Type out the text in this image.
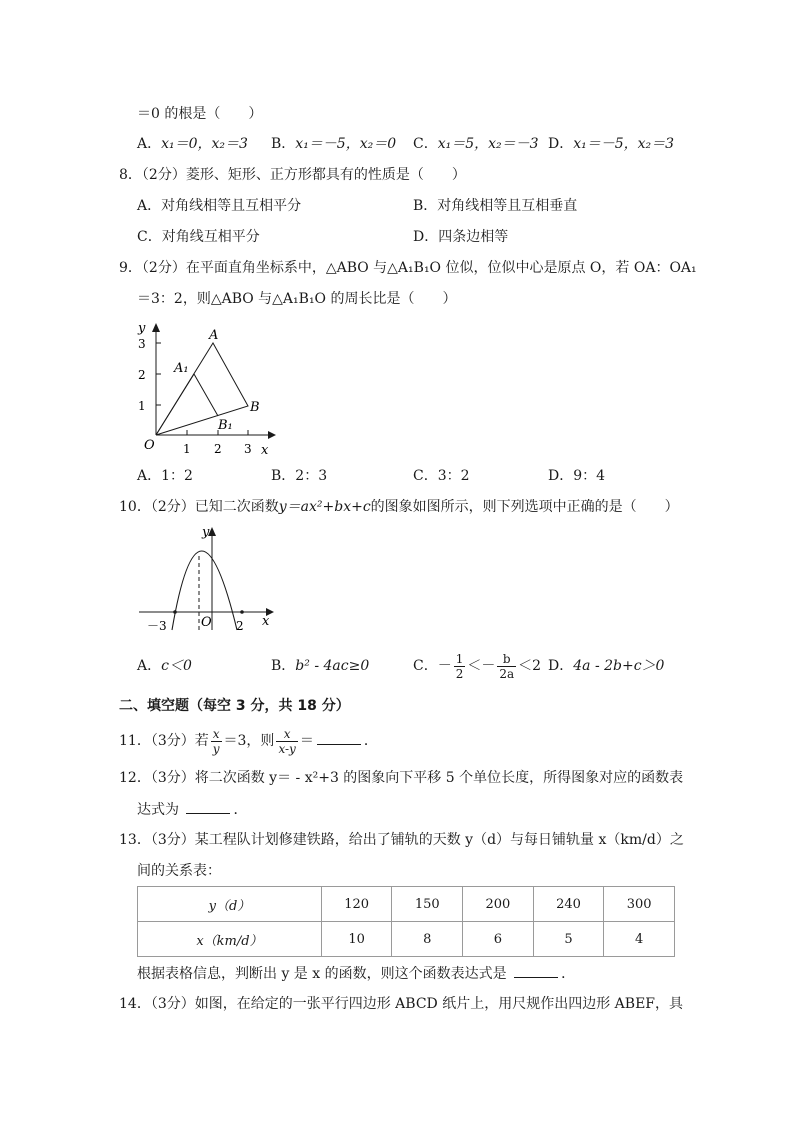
＝0 的根是（　　）
A．x₁＝0，x₂＝3 B．x₁＝－5，x₂＝0 C．x₁＝5，x₂＝－3 D．x₁＝－5，x₂＝3
8．（2分）菱形、矩形、正方形都具有的性质是（　　）
A．对角线相等且互相平分	B．对角线相等且互相垂直
C．对角线互相平分	D．四条边相等
9．（2分）在平面直角坐标系中，△ABO 与△A₁B₁O 位似，位似中心是原点 O，若 OA：OA₁
＝3：2，则△ABO 与△A₁B₁O 的周长比是（　　）
y
x
O 1 2 3
1
2
3
A
A₁
B
B₁
A．1：2	B．2：3	C．3：2	D．9：4
10．（2分）已知二次函数y＝ax²+bx+c的图象如图所示，则下列选项中正确的是（　　）
y
x
O
－3	2
A．c＜0	B．b² - 4ac≥0	C．－ $\frac{1}{2} <- \frac{b}{2a} <2$ D．4a - 2b+c＞0
二、填空题（每空 3 分，共 18 分）
11．（3分）若 $\frac{x}{y} =3$，则 $\frac{x}{x-y}$ ＝	．
12．（3分）将二次函数 y＝ - x²+3 的图象向下平移 5 个单位长度，所得图象对应的函数表
达式为	．
13．（3分）某工程队计划修建铁路，给出了铺轨的天数 y（d）与每日铺轨量 x（km/d）之
间的关系表：
y（d）	120	150	200	240	300
x（km/d）	10	8	6	5	4
根据表格信息，判断出 y 是 x 的函数，则这个函数表达式是	．
14．（3分）如图，在给定的一张平行四边形 ABCD 纸片上，用尺规作出四边形 ABEF，具
